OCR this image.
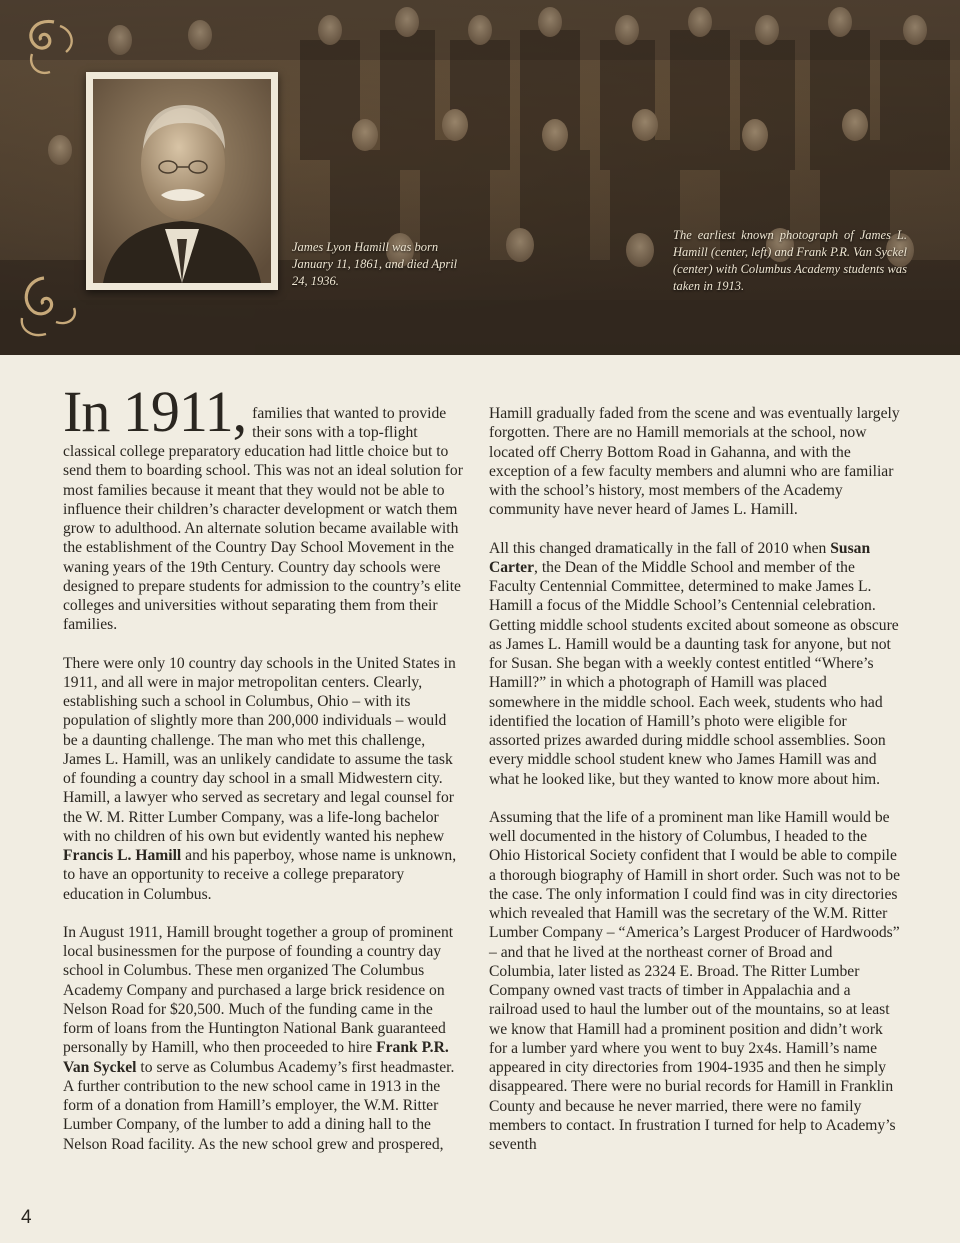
James Lyon Hamill was born January 11, 1861, and died April 24, 1936.
The earliest known photograph of James L. Hamill (center, left) and Frank P.R. Van Syckel (center) with Columbus Academy students was taken in 1913.
In 1911, families that wanted to provide
their sons with a top-flight

classical college preparatory education had little choice but to send them to boarding school. This was not an ideal solution for most families because it meant that they would not be able to influence their children’s character development or watch them grow to adulthood. An alternate solution became available with the establishment of the Country Day School Movement in the waning years of the 19th Century. Country day schools were designed to prepare students for admission to the country’s elite colleges and universities without separating them from their families.

There were only 10 country day schools in the United States in 1911, and all were in major metropolitan centers. Clearly, establishing such a school in Columbus, Ohio – with its population of slightly more than 200,000 individuals – would be a daunting challenge. The man who met this challenge, James L. Hamill, was an unlikely candidate to assume the task of founding a country day school in a small Midwestern city. Hamill, a lawyer who served as secretary and legal counsel for the W. M. Ritter Lumber Company, was a life-long bachelor with no children of his own but evidently wanted his nephew Francis L. Hamill and his paperboy, whose name is unknown, to have an opportunity to receive a college preparatory education in Columbus.

In August 1911, Hamill brought together a group of prominent local businessmen for the purpose of founding a country day school in Columbus. These men organized The Columbus Academy Company and purchased a large brick residence on Nelson Road for $20,500. Much of the funding came in the form of loans from the Huntington National Bank guaranteed personally by Hamill, who then proceeded to hire Frank P.R. Van Syckel to serve as Columbus Academy’s first headmaster. A further contribution to the new school came in 1913 in the form of a donation from Hamill’s employer, the W.M. Ritter Lumber Company, of the lumber to add a dining hall to the Nelson Road facility. As the new school grew and prospered,

Hamill gradually faded from the scene and was eventually largely forgotten. There are no Hamill memorials at the school, now located off Cherry Bottom Road in Gahanna, and with the exception of a few faculty members and alumni who are familiar with the school’s history, most members of the Academy community have never heard of James L. Hamill.

All this changed dramatically in the fall of 2010 when Susan Carter, the Dean of the Middle School and member of the Faculty Centennial Committee, determined to make James L. Hamill a focus of the Middle School’s Centennial celebration. Getting middle school students excited about someone as obscure as James L. Hamill would be a daunting task for anyone, but not for Susan. She began with a weekly contest entitled “Where’s Hamill?” in which a photograph of Hamill was placed somewhere in the middle school. Each week, students who had identified the location of Hamill’s photo were eligible for assorted prizes awarded during middle school assemblies. Soon every middle school student knew who James Hamill was and what he looked like, but they wanted to know more about him.

Assuming that the life of a prominent man like Hamill would be well documented in the history of Columbus, I headed to the Ohio Historical Society confident that I would be able to compile a thorough biography of Hamill in short order. Such was not to be the case. The only information I could find was in city directories which revealed that Hamill was the secretary of the W.M. Ritter Lumber Company – “America’s Largest Producer of Hardwoods” – and that he lived at the northeast corner of Broad and Columbia, later listed as 2324 E. Broad. The Ritter Lumber Company owned vast tracts of timber in Appalachia and a railroad used to haul the lumber out of the mountains, so at least we know that Hamill had a prominent position and didn’t work for a lumber yard where you went to buy 2x4s. Hamill’s name appeared in city directories from 1904-1935 and then he simply disappeared. There were no burial records for Hamill in Franklin County and because he never married, there were no family members to contact. In frustration I turned for help to Academy’s seventh

4
